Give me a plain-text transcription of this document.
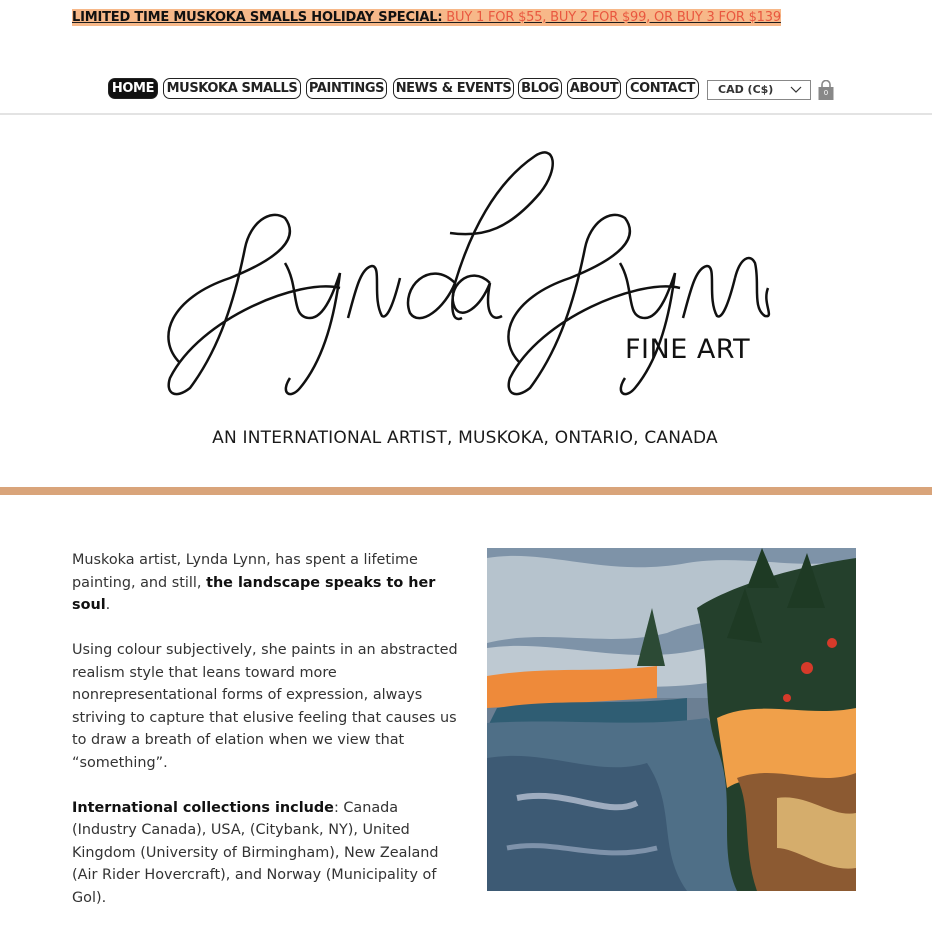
LIMITED TIME MUSKOKA SMALLS HOLIDAY SPECIAL: BUY 1 FOR $55, BUY 2 FOR $99, OR BUY 3 FOR $139
HOME MUSKOKA SMALLS PAINTINGS NEWS & EVENTS BLOG ABOUT CONTACT	CAD (C$)	0
FINE ART
AN INTERNATIONAL ARTIST, MUSKOKA, ONTARIO, CANADA

Muskoka artist, Lynda Lynn, has spent a lifetime painting, and still, the landscape speaks to her soul.

Using colour subjectively, she paints in an abstracted realism style that leans toward more nonrepresentational forms of expression, always striving to capture that elusive feeling that causes us to draw a breath of elation when we view that “something”.

International collections include: Canada (Industry Canada), USA, (Citybank, NY), United Kingdom (University of Birmingham), New Zealand (Air Rider Hovercraft), and Norway (Municipality of Gol).
